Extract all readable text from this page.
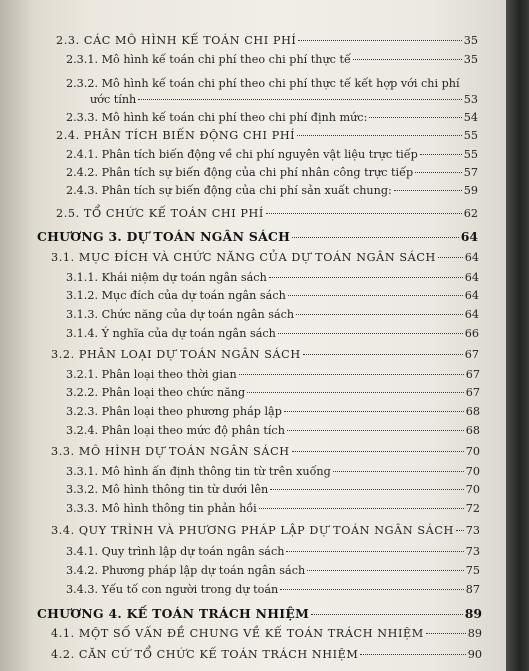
2.3. CÁC MÔ HÌNH KẾ TOÁN CHI PHÍ	35
2.3.1. Mô hình kế toán chi phí theo chi phí thực tế	35
2.3.2. Mô hình kế toán chi phí theo chi phí thực tế kết hợp với chi phí
ước tính	53
2.3.3. Mô hình kế toán chi phí theo chi phí định mức:	54
2.4. PHÂN TÍCH BIẾN ĐỘNG CHI PHÍ	55
2.4.1. Phân tích biến động về chi phí nguyên vật liệu trực tiếp	55
2.4.2. Phân tích sự biến động của chi phí nhân công trực tiếp	57
2.4.3. Phân tích sự biến động của chi phí sản xuất chung:	59
2.5. TỔ CHỨC KẾ TOÁN CHI PHÍ	62
CHƯƠNG 3. DỰ TOÁN NGÂN SÁCH	64
3.1. MỤC ĐÍCH VÀ CHỨC NĂNG CỦA DỰ TOÁN NGÂN SÁCH	64
3.1.1. Khái niệm dự toán ngân sách	64
3.1.2. Mục đích của dự toán ngân sách	64
3.1.3. Chức năng của dự toán ngân sách	64
3.1.4. Ý nghĩa của dự toán ngân sách	66
3.2. PHÂN LOẠI DỰ TOÁN NGÂN SÁCH	67
3.2.1. Phân loại theo thời gian	67
3.2.2. Phân loại theo chức năng	67
3.2.3. Phân loại theo phương pháp lập	68
3.2.4. Phân loại theo mức độ phân tích	68
3.3. MÔ HÌNH DỰ TOÁN NGÂN SÁCH	70
3.3.1. Mô hình ấn định thông tin từ trên xuống	70
3.3.2. Mô hình thông tin từ dưới lên	70
3.3.3. Mô hình thông tin phản hồi	72
3.4. QUY TRÌNH VÀ PHƯƠNG PHÁP LẬP DỰ TOÁN NGÂN SÁCH 73
3.4.1. Quy trình lập dự toán ngân sách	73
3.4.2. Phương pháp lập dự toán ngân sách	75
3.4.3. Yếu tố con người trong dự toán	87
CHƯƠNG 4. KẾ TOÁN TRÁCH NHIỆM	89
4.1. MỘT SỐ VẤN ĐỀ CHUNG VỀ KẾ TOÁN TRÁCH NHIỆM	89
4.2. CĂN CỨ TỔ CHỨC KẾ TOÁN TRÁCH NHIỆM	90
